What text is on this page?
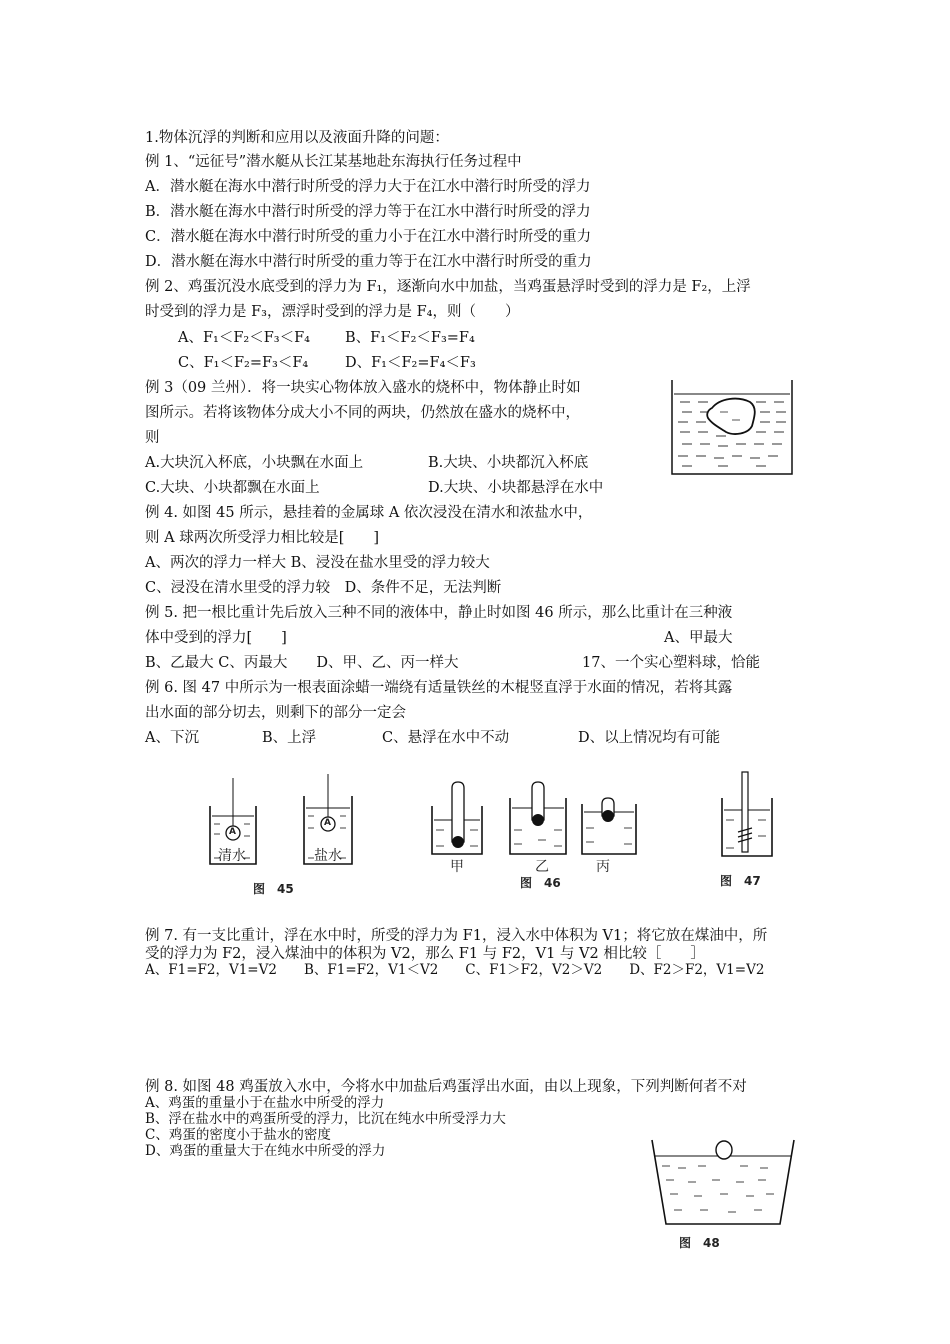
1.物体沉浮的判断和应用以及液面升降的问题：
例 1、“远征号”潜水艇从长江某基地赴东海执行任务过程中
A．潜水艇在海水中潜行时所受的浮力大于在江水中潜行时所受的浮力
B．潜水艇在海水中潜行时所受的浮力等于在江水中潜行时所受的浮力
C．潜水艇在海水中潜行时所受的重力小于在江水中潜行时所受的重力
D．潜水艇在海水中潜行时所受的重力等于在江水中潜行时所受的重力
例 2、鸡蛋沉没水底受到的浮力为 F₁，逐渐向水中加盐，当鸡蛋悬浮时受到的浮力是 F₂，上浮
时受到的浮力是 F₃，漂浮时受到的浮力是 F₄，则（　　）
A、F₁＜F₂＜F₃＜F₄ B、F₁＜F₂＜F₃=F₄
C、F₁＜F₂=F₃＜F₄	D、F₁＜F₂=F₄＜F₃
例 3（09 兰州）．将一块实心物体放入盛水的烧杯中，物体静止时如
图所示。若将该物体分成大小不同的两块，仍然放在盛水的烧杯中，
则
A.大块沉入杯底，小块飘在水面上	B.大块、小块都沉入杯底
C.大块、小块都飘在水面上	D.大块、小块都悬浮在水中
例 4. 如图 45 所示，悬挂着的金属球 A 依次浸没在清水和浓盐水中，
则 A 球两次所受浮力相比较是[　　]
A、两次的浮力一样大 B、浸没在盐水里受的浮力较大
C、浸没在清水里受的浮力较　D、条件不足，无法判断
例 5. 把一根比重计先后放入三种不同的液体中，静止时如图 46 所示，那么比重计在三种液
体中受到的浮力[　　]	A、甲最大
B、乙最大 C、丙最大　　D、甲、乙、丙一样大	17、一个实心塑料球，恰能
例 6. 图 47 中所示为一根表面涂蜡一端绕有适量铁丝的木棍竖直浮于水面的情况，若将其露
出水面的部分切去，则剩下的部分一定会
A、下沉	B、上浮	C、悬浮在水中不动	D、以上情况均有可能
A
A
清水	盐水
图　45
甲	乙	丙
图　46	图　47
例 7. 有一支比重计，浮在水中时，所受的浮力为 F1，浸入水中体积为 V1；将它放在煤油中，所
受的浮力为 F2，浸入煤油中的体积为 V2，那么 F1 与 F2，V1 与 V2 相比较［　　］
A、F1=F2，V1=V2　　B、F1=F2，V1＜V2　　C、F1＞F2，V2＞V2　　D、F2＞F2，V1=V2
例 8. 如图 48 鸡蛋放入水中，今将水中加盐后鸡蛋浮出水面，由以上现象，下列判断何者不对
A、鸡蛋的重量小于在盐水中所受的浮力
B、浮在盐水中的鸡蛋所受的浮力，比沉在纯水中所受浮力大
C、鸡蛋的密度小于盐水的密度
D、鸡蛋的重量大于在纯水中所受的浮力
图　48
